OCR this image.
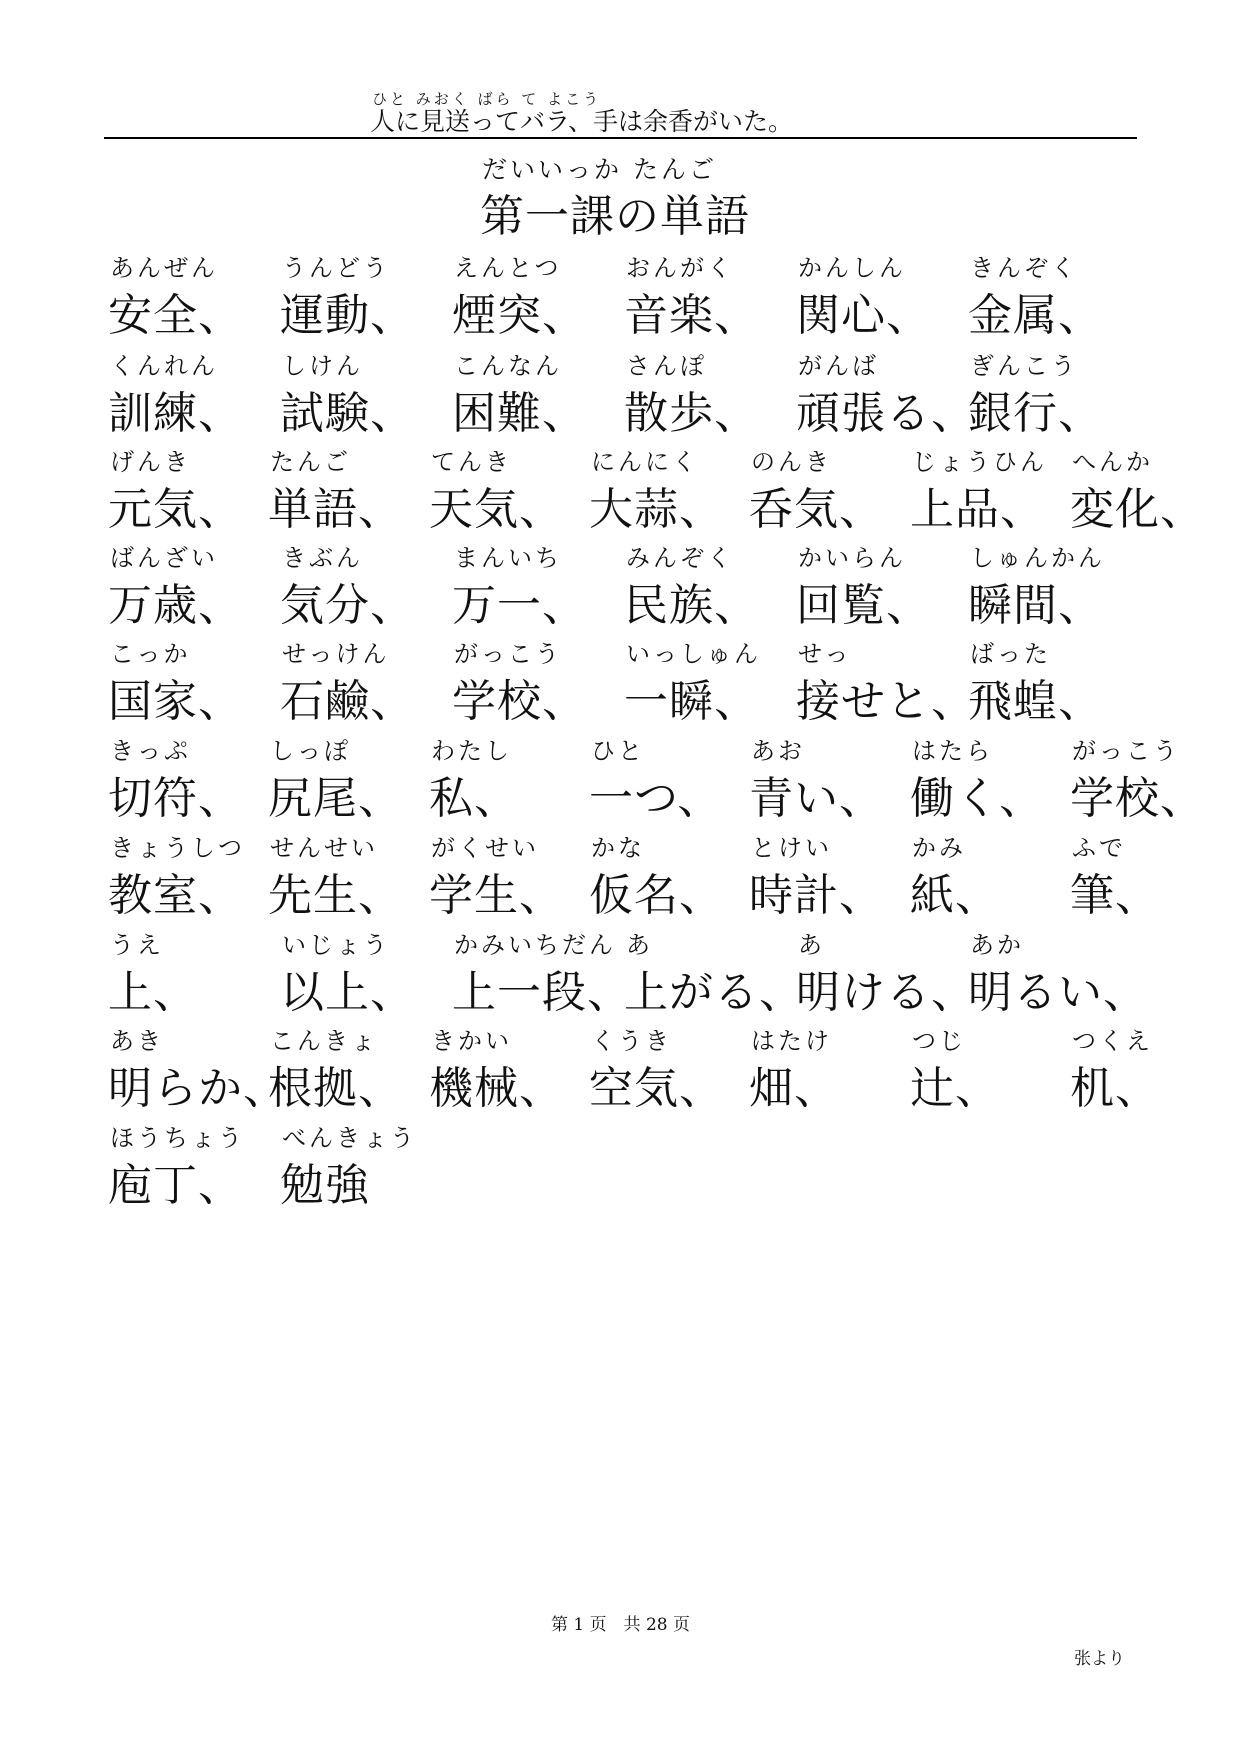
ひと みおく ばら て よこう
人に見送ってバラ、手は余香がいた。
だいいっか たんご
第一課の単語
あんぜん
安全、
うんどう
運動、
えんとつ
煙突、
おんがく
音楽、
かんしん
関心、
きんぞく
金属、
くんれん
訓練、
しけん
試験、
こんなん
困難、
さんぽ
散歩、
がんば
頑張る、
ぎんこう
銀行、
げんき
元気、
たんご
単語、
てんき
天気、
にんにく
大蒜、
のんき
呑気、
じょうひん
上品、
へんか
変化、
ばんざい
万歳、
きぶん
気分、
まんいち
万一、
みんぞく
民族、
かいらん
回覧、
しゅんかん
瞬間、
こっか
国家、
せっけん
石鹼、
がっこう
学校、
いっしゅん
一瞬、
せっ
接せと、
ばった
飛蝗、
きっぷ
切符、
しっぽ
尻尾、
わたし
私、
ひと
一つ、
あお
青い、
はたら
働く、
がっこう
学校、
きょうしつ
教室、
せんせい
先生、
がくせい
学生、
かな
仮名、
とけい
時計、
かみ
紙、
ふで
筆、
うえ
上、
いじょう
以上、
かみいちだん
上一段、
あ
上がる、
あ
明ける、
あか
明るい、
あき
明らか、
こんきょ
根拠、
きかい
機械、
くうき
空気、
はたけ
畑、
つじ
辻、
つくえ
机、
ほうちょう
庖丁、
べんきょう
勉強
第 1 页　共 28 页
张より
